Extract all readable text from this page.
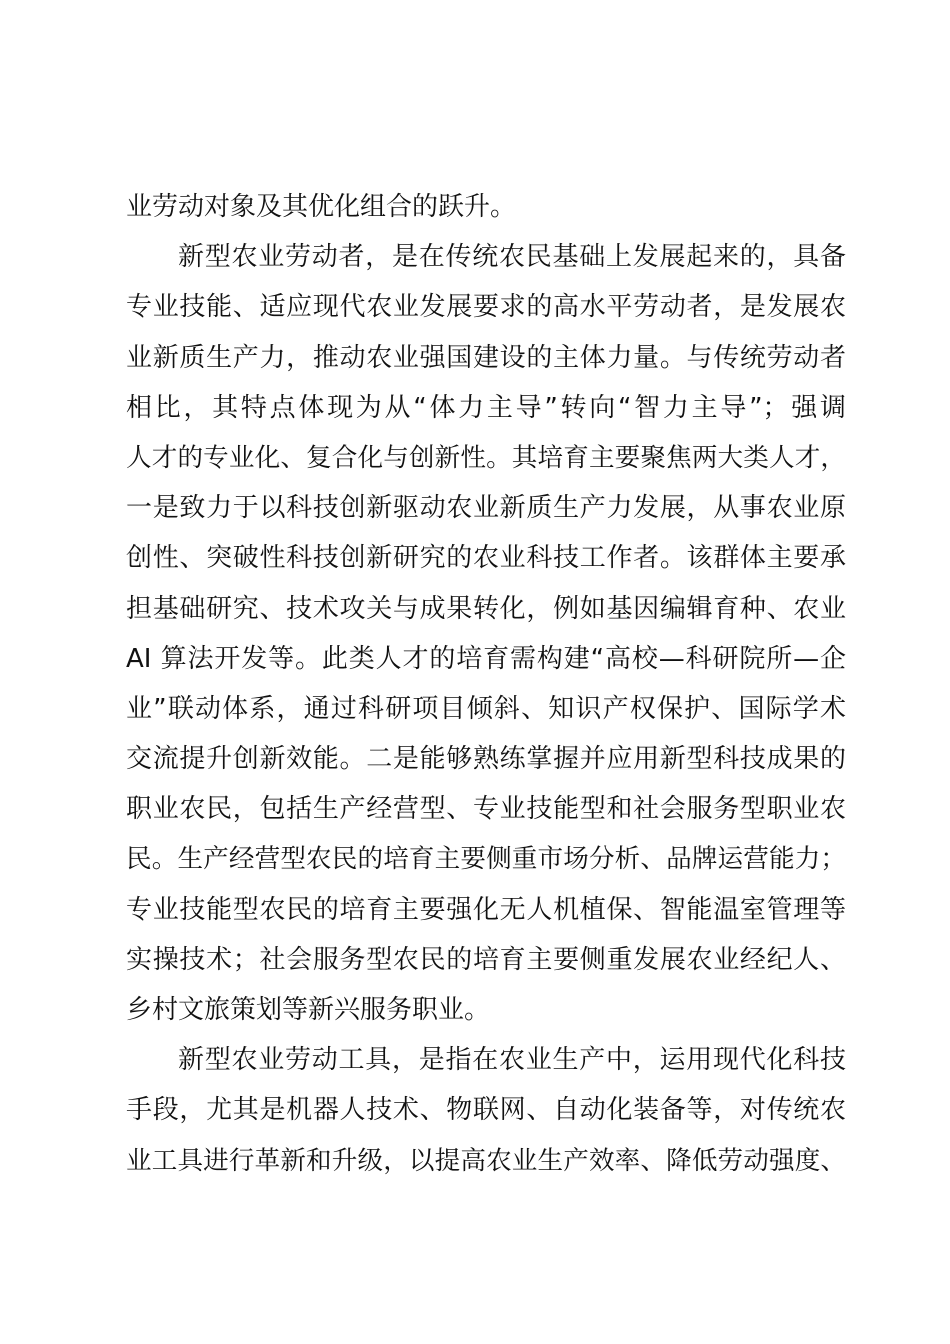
业劳动对象及其优化组合的跃升。
新型农业劳动者，是在传统农民基础上发展起来的，具备
专业技能、适应现代农业发展要求的高水平劳动者，是发展农
业新质生产力，推动农业强国建设的主体力量。与传统劳动者
相比，其特点体现为从“体力主导”转向“智力主导”；强调
人才的专业化、复合化与创新性。其培育主要聚焦两大类人才，
一是致力于以科技创新驱动农业新质生产力发展，从事农业原
创性、突破性科技创新研究的农业科技工作者。该群体主要承
担基础研究、技术攻关与成果转化，例如基因编辑育种、农业
AI 算法开发等。此类人才的培育需构建“高校—科研院所—企
业”联动体系，通过科研项目倾斜、知识产权保护、国际学术
交流提升创新效能。二是能够熟练掌握并应用新型科技成果的
职业农民，包括生产经营型、专业技能型和社会服务型职业农
民。生产经营型农民的培育主要侧重市场分析、品牌运营能力；
专业技能型农民的培育主要强化无人机植保、智能温室管理等
实操技术；社会服务型农民的培育主要侧重发展农业经纪人、
乡村文旅策划等新兴服务职业。
新型农业劳动工具，是指在农业生产中，运用现代化科技
手段，尤其是机器人技术、物联网、自动化装备等，对传统农
业工具进行革新和升级，以提高农业生产效率、降低劳动强度、
